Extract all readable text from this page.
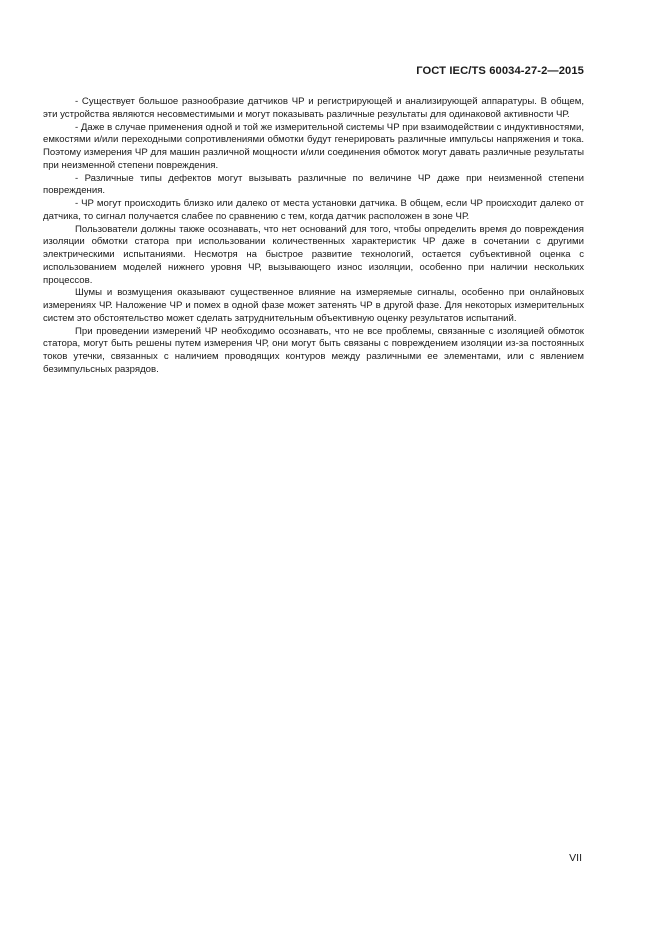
ГОСТ IEC/TS 60034-27-2—2015

- Существует большое разнообразие датчиков ЧР и регистрирующей и анализирующей аппаратуры. В общем, эти устройства являются несовместимыми и могут показывать различные результаты для одинаковой активности ЧР.

- Даже в случае применения одной и той же измерительной системы ЧР при взаимодействии с индуктивностями, емкостями и/или переходными сопротивлениями обмотки будут генерировать различные импульсы напряжения и тока. Поэтому измерения ЧР для машин различной мощности и/или соединения обмоток могут давать различные результаты при неизменной степени повреждения.

- Различные типы дефектов могут вызывать различные по величине ЧР даже при неизменной степени повреждения.

- ЧР могут происходить близко или далеко от места установки датчика. В общем, если ЧР происходит далеко от датчика, то сигнал получается слабее по сравнению с тем, когда датчик расположен в зоне ЧР.

Пользователи должны также осознавать, что нет оснований для того, чтобы определить время до повреждения изоляции обмотки статора при использовании количественных характеристик ЧР даже в сочетании с другими электрическими испытаниями. Несмотря на быстрое развитие технологий, остается субъективной оценка с использованием моделей нижнего уровня ЧР, вызывающего износ изоляции, особенно при наличии нескольких процессов.

Шумы и возмущения оказывают существенное влияние на измеряемые сигналы, особенно при онлайновых измерениях ЧР. Наложение ЧР и помех в одной фазе может затенять ЧР в другой фазе. Для некоторых измерительных систем это обстоятельство может сделать затруднительным объективную оценку результатов испытаний.

При проведении измерений ЧР необходимо осознавать, что не все проблемы, связанные с изоляцией обмоток статора, могут быть решены путем измерения ЧР, они могут быть связаны с повреждением изоляции из-за постоянных токов утечки, связанных с наличием проводящих контуров между различными ее элементами, или с явлением безимпульсных разрядов.

VII
